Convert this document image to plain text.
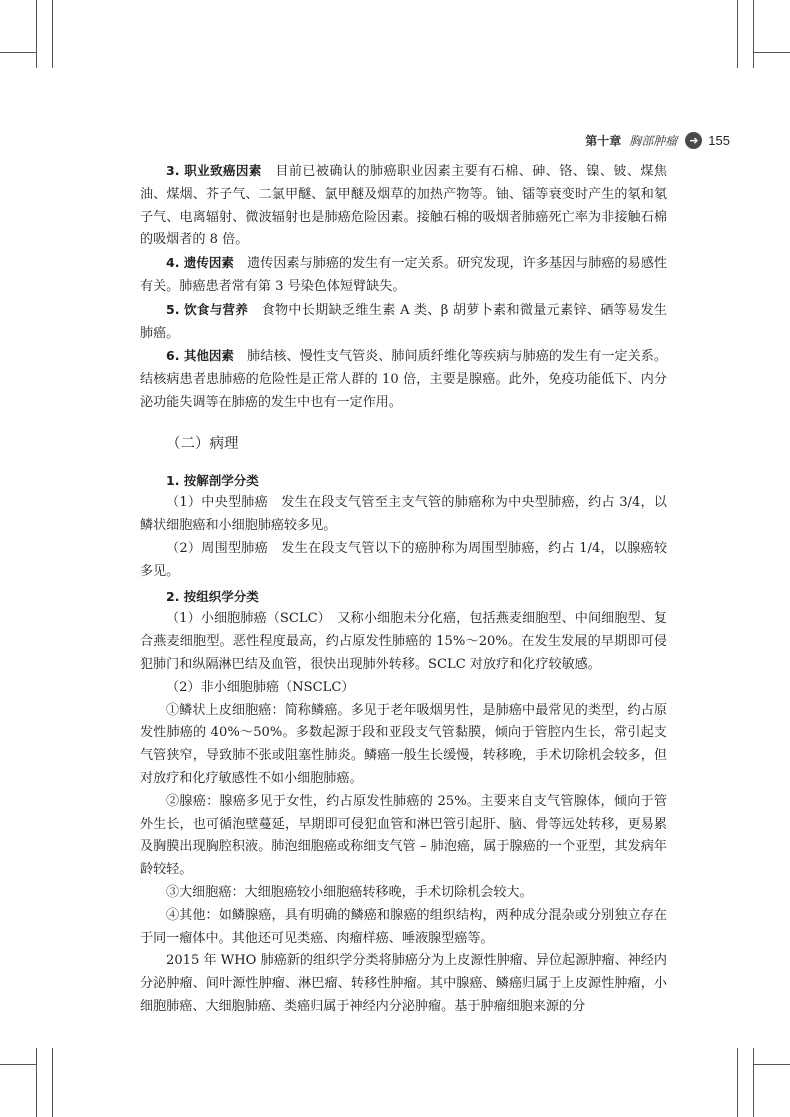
第十章 胸部肿瘤	➜ 155

3. 职业致癌因素　 目前已被确认的肺癌职业因素主要有石棉、砷、铬、镍、铍、煤焦油、煤烟、芥子气、二氯甲醚、氯甲醚及烟草的加热产物等。铀、镭等衰变时产生的氡和氡子气、电离辐射、微波辐射也是肺癌危险因素。接触石棉的吸烟者肺癌死亡率为非接触石棉的吸烟者的 8 倍。

4. 遗传因素　 遗传因素与肺癌的发生有一定关系。研究发现，许多基因与肺癌的易感性有关。肺癌患者常有第 3 号染色体短臂缺失。

5. 饮食与营养　 食物中长期缺乏维生素 A 类、β 胡萝卜素和微量元素锌、硒等易发生肺癌。

6. 其他因素　 肺结核、慢性支气管炎、肺间质纤维化等疾病与肺癌的发生有一定关系。结核病患者患肺癌的危险性是正常人群的 10 倍，主要是腺癌。此外，免疫功能低下、内分泌功能失调等在肺癌的发生中也有一定作用。

（二）病理

1. 按解剖学分类

（1）中央型肺癌　发生在段支气管至主支气管的肺癌称为中央型肺癌，约占 3/4，以鳞状细胞癌和小细胞肺癌较多见。

（2）周围型肺癌　发生在段支气管以下的癌肿称为周围型肺癌，约占 1/4，以腺癌较多见。

2. 按组织学分类

（1）小细胞肺癌（SCLC）　又称小细胞未分化癌，包括燕麦细胞型、中间细胞型、复合燕麦细胞型。恶性程度最高，约占原发性肺癌的 15%～20%。在发生发展的早期即可侵犯肺门和纵隔淋巴结及血管，很快出现肺外转移。SCLC 对放疗和化疗较敏感。

（2）非小细胞肺癌（NSCLC）

①鳞状上皮细胞癌：简称鳞癌。多见于老年吸烟男性，是肺癌中最常见的类型，约占原发性肺癌的 40%～50%。多数起源于段和亚段支气管黏膜，倾向于管腔内生长，常引起支气管狭窄，导致肺不张或阻塞性肺炎。鳞癌一般生长缓慢，转移晚，手术切除机会较多，但对放疗和化疗敏感性不如小细胞肺癌。

②腺癌：腺癌多见于女性，约占原发性肺癌的 25%。主要来自支气管腺体，倾向于管外生长，也可循泡壁蔓延，早期即可侵犯血管和淋巴管引起肝、脑、骨等远处转移，更易累及胸膜出现胸腔积液。肺泡细胞癌或称细支气管 – 肺泡癌，属于腺癌的一个亚型，其发病年龄较轻。

③大细胞癌：大细胞癌较小细胞癌转移晚，手术切除机会较大。

④其他：如鳞腺癌，具有明确的鳞癌和腺癌的组织结构，两种成分混杂或分别独立存在于同一瘤体中。其他还可见类癌、肉瘤样癌、唾液腺型癌等。

2015 年 WHO 肺癌新的组织学分类将肺癌分为上皮源性肿瘤、异位起源肿瘤、神经内分泌肿瘤、间叶源性肿瘤、淋巴瘤、转移性肿瘤。其中腺癌、鳞癌归属于上皮源性肿瘤，小细胞肺癌、大细胞肺癌、类癌归属于神经内分泌肿瘤。基于肿瘤细胞来源的分
